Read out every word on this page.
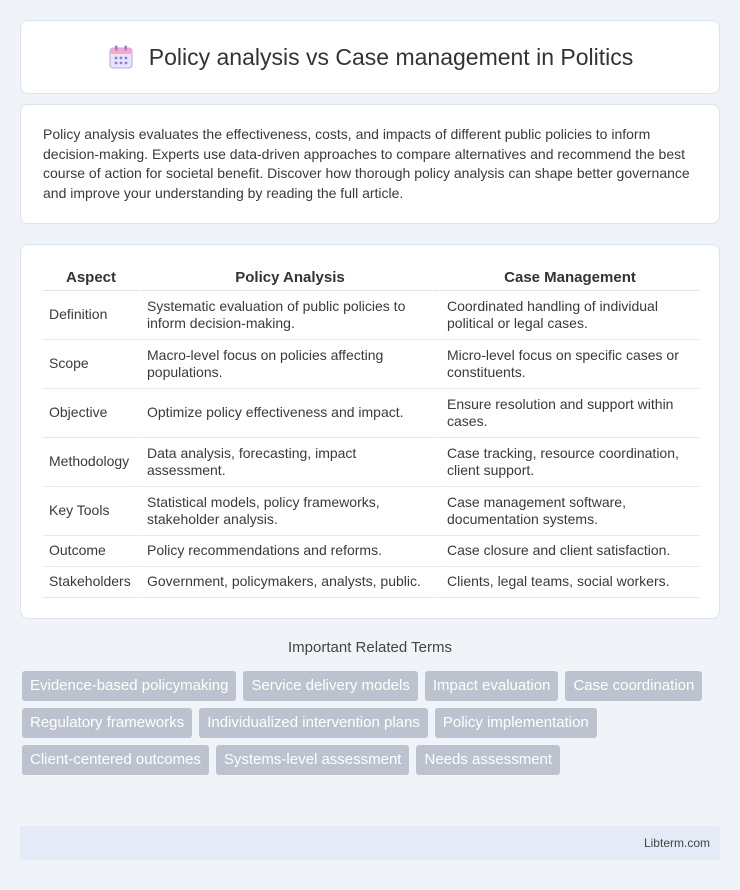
Policy analysis vs Case management in Politics

Policy analysis evaluates the effectiveness, costs, and impacts of different public policies to inform decision-making. Experts use data-driven approaches to compare alternatives and recommend the best course of action for societal benefit. Discover how thorough policy analysis can shape better governance and improve your understanding by reading the full article.

Aspect	Policy Analysis	Case Management
Definition	Systematic evaluation of public policies to inform decision-making.	Coordinated handling of individual political or legal cases.
Scope	Macro-level focus on policies affecting populations.	Micro-level focus on specific cases or constituents.
Objective	Optimize policy effectiveness and impact.	Ensure resolution and support within cases.
Methodology	Data analysis, forecasting, impact assessment.	Case tracking, resource coordination, client support.
Key Tools	Statistical models, policy frameworks, stakeholder analysis.	Case management software, documentation systems.
Outcome	Policy recommendations and reforms.	Case closure and client satisfaction.
Stakeholders	Government, policymakers, analysts, public.	Clients, legal teams, social workers.
Important Related Terms
Evidence-based policymaking	Service delivery models	Impact evaluation	Case coordination
Regulatory frameworks	Individualized intervention plans	Policy implementation
Client-centered outcomes	Systems-level assessment	Needs assessment
Libterm.com
